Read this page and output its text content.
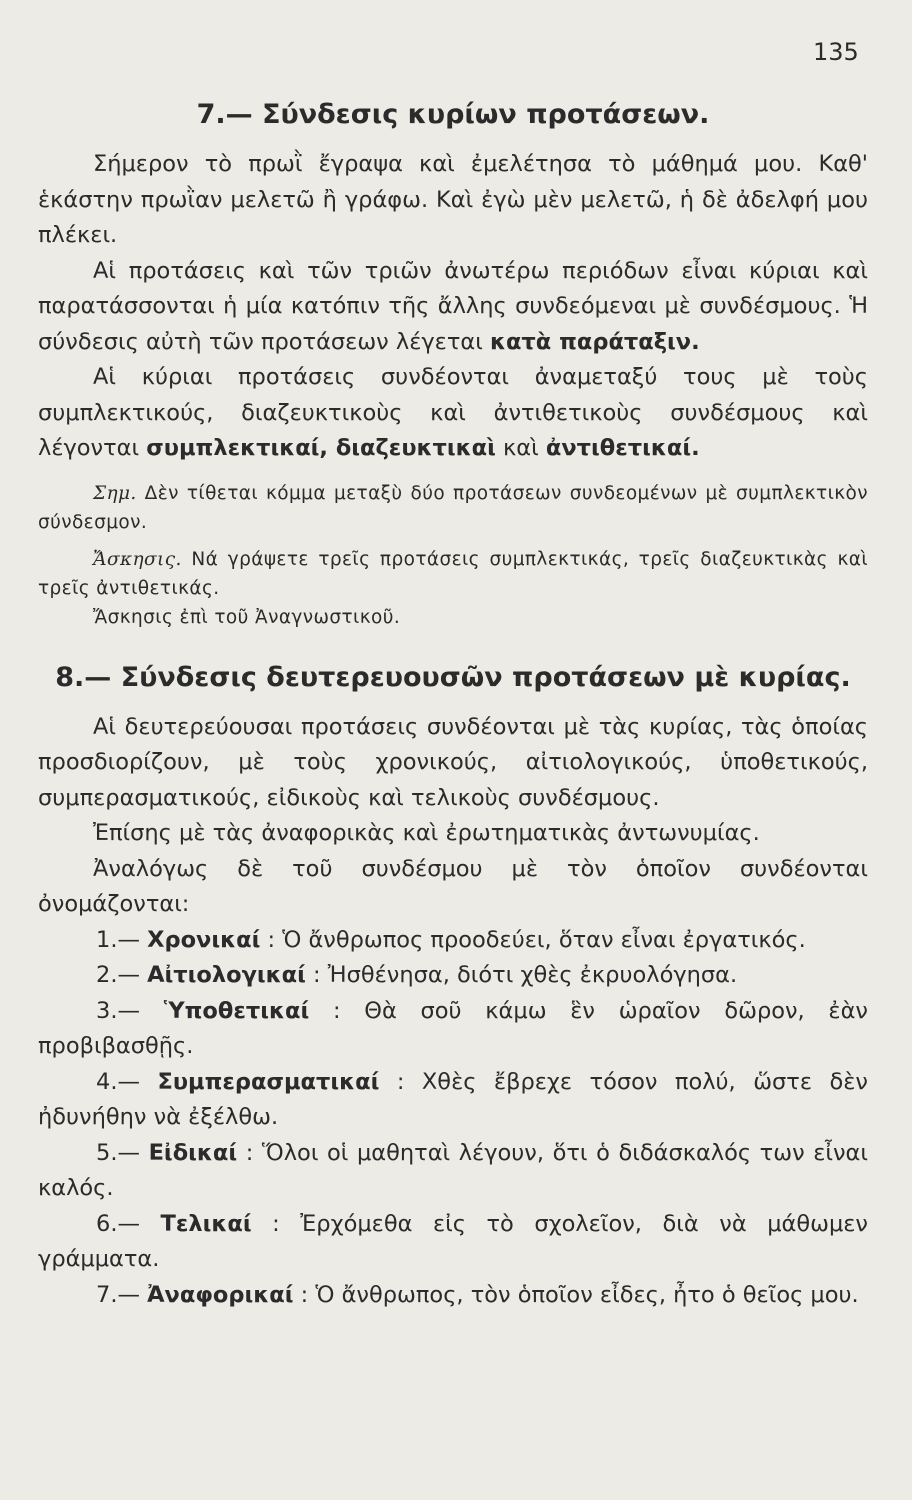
135
7.— Σύνδεσις κυρίων προτάσεων.

Σήμερον τὸ πρωῒ ἔγραψα καὶ ἐμελέτησα τὸ μάθημά μου. Καθ' ἑκάστην πρωῒαν μελετῶ ἢ γράφω. Καὶ ἐγὼ μὲν μελετῶ, ἡ δὲ ἀδελφή μου πλέκει.

Αἱ προτάσεις καὶ τῶν τριῶν ἀνωτέρω περιόδων εἶναι κύριαι καὶ παρατάσσονται ἡ μία κατόπιν τῆς ἄλλης συνδεόμεναι μὲ συνδέσμους. Ἡ σύνδεσις αὐτὴ τῶν προτάσεων λέγεται κατὰ παράταξιν.

Αἱ κύριαι προτάσεις συνδέονται ἀναμεταξύ τους μὲ τοὺς συμπλεκτικούς, διαζευκτικοὺς καὶ ἀντιθετικοὺς συνδέσμους καὶ λέγονται συμπλεκτικαί, διαζευκτικαὶ καὶ ἀντιθετικαί.

Σημ. Δὲν τίθεται κόμμα μεταξὺ δύο προτάσεων συνδεομένων μὲ συμπλεκτικὸν σύνδεσμον.

Ἄσκησις. Νά γράψετε τρεῖς προτάσεις συμπλεκτικάς, τρεῖς διαζευκτικὰς καὶ τρεῖς ἀντιθετικάς.

Ἄσκησις ἐπὶ τοῦ Ἀναγνωστικοῦ.

8.— Σύνδεσις δευτερευουσῶν προτάσεων μὲ κυρίας.

Αἱ δευτερεύουσαι προτάσεις συνδέονται μὲ τὰς κυρίας, τὰς ὁποίας προσδιορίζουν, μὲ τοὺς χρονικούς, αἰτιολογικούς, ὑποθετικούς, συμπερασματικούς, εἰδικοὺς καὶ τελικοὺς συνδέσμους.

Ἐπίσης μὲ τὰς ἀναφορικὰς καὶ ἐρωτηματικὰς ἀντωνυμίας.

Ἀναλόγως δὲ τοῦ συνδέσμου μὲ τὸν ὁποῖον συνδέονται ὀνομάζονται:

1.— Χρονικαί : Ὁ ἄνθρωπος προοδεύει, ὅταν εἶναι ἐργατικός.

2.— Αἰτιολογικαί : Ἠσθένησα, διότι χθὲς ἐκρυολόγησα.

3.— Ὑποθετικαί : Θὰ σοῦ κάμω ἓν ὡραῖον δῶρον, ἐὰν προβιβασθῇς.

4.— Συμπερασματικαί : Χθὲς ἔβρεχε τόσον πολύ, ὥστε δὲν ἠδυνήθην νὰ ἐξέλθω.

5.— Εἰδικαί : Ὅλοι οἱ μαθηταὶ λέγουν, ὅτι ὁ διδάσκαλός των εἶναι καλός.

6.— Τελικαί : Ἐρχόμεθα εἰς τὸ σχολεῖον, διὰ νὰ μάθωμεν γράμματα.

7.— Ἀναφορικαί : Ὁ ἄνθρωπος, τὸν ὁποῖον εἶδες, ἦτο ὁ θεῖος μου.
